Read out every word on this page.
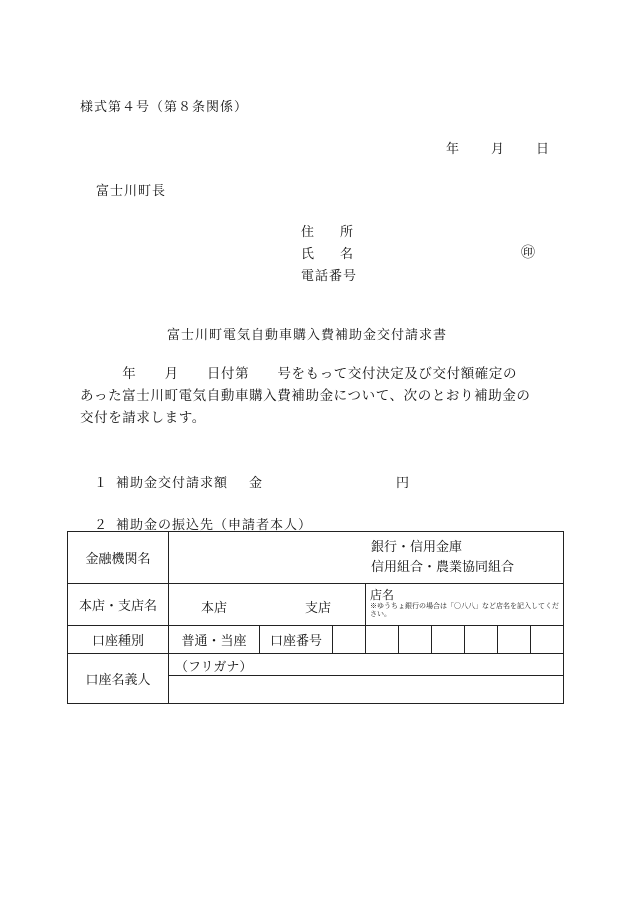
様式第４号（第８条関係）
年 月 日
富士川町長
住　　所
氏　　名	㊞
電話番号
富士川町電気自動車購入費補助金交付請求書

　　　年　　月　　日付第　　号をもって交付決定及び交付額確定の

あった富士川町電気自動車購入費補助金について、次のとおり補助金の

交付を請求します。

１ 補助金交付請求額 金	円
２ 補助金の振込先（申請者本人）
金融機関名	銀行・信用金庫
信用組合・農業協同組合								

本店・支店名	本店 支店			店名
※ゆうちょ銀行の場合は「〇八八」など店名を記入してください。					

口座種別	普通・当座	口座番号							
口座名義人	（フリガナ）								
